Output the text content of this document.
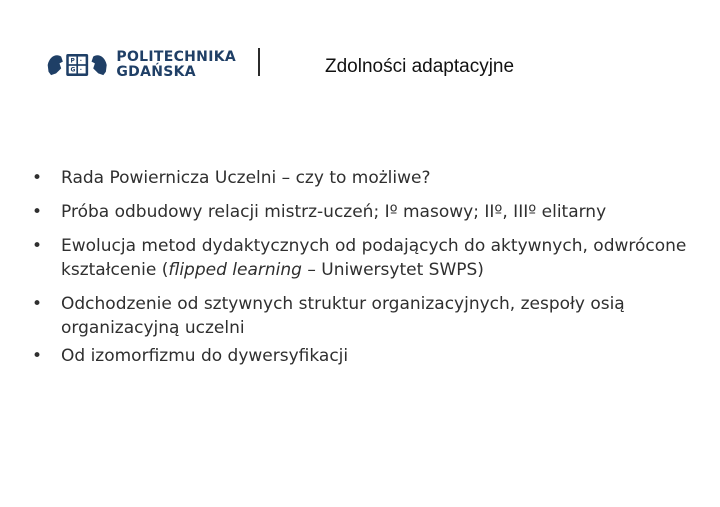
P ·
G ·
POLITECHNIKA
GDAŃSKA	Zdolności adaptacyjne
• Rada Powiernicza Uczelni – czy to możliwe?
• Próba odbudowy relacji mistrz-uczeń; Iº masowy; IIº, IIIº elitarny
• Ewolucja metod dydaktycznych od podających do aktywnych, odwrócone kształcenie (flipped learning – Uniwersytet SWPS)
• Odchodzenie od sztywnych struktur organizacyjnych, zespoły osią organizacyjną uczelni
• Od izomorfizmu do dywersyfikacji
